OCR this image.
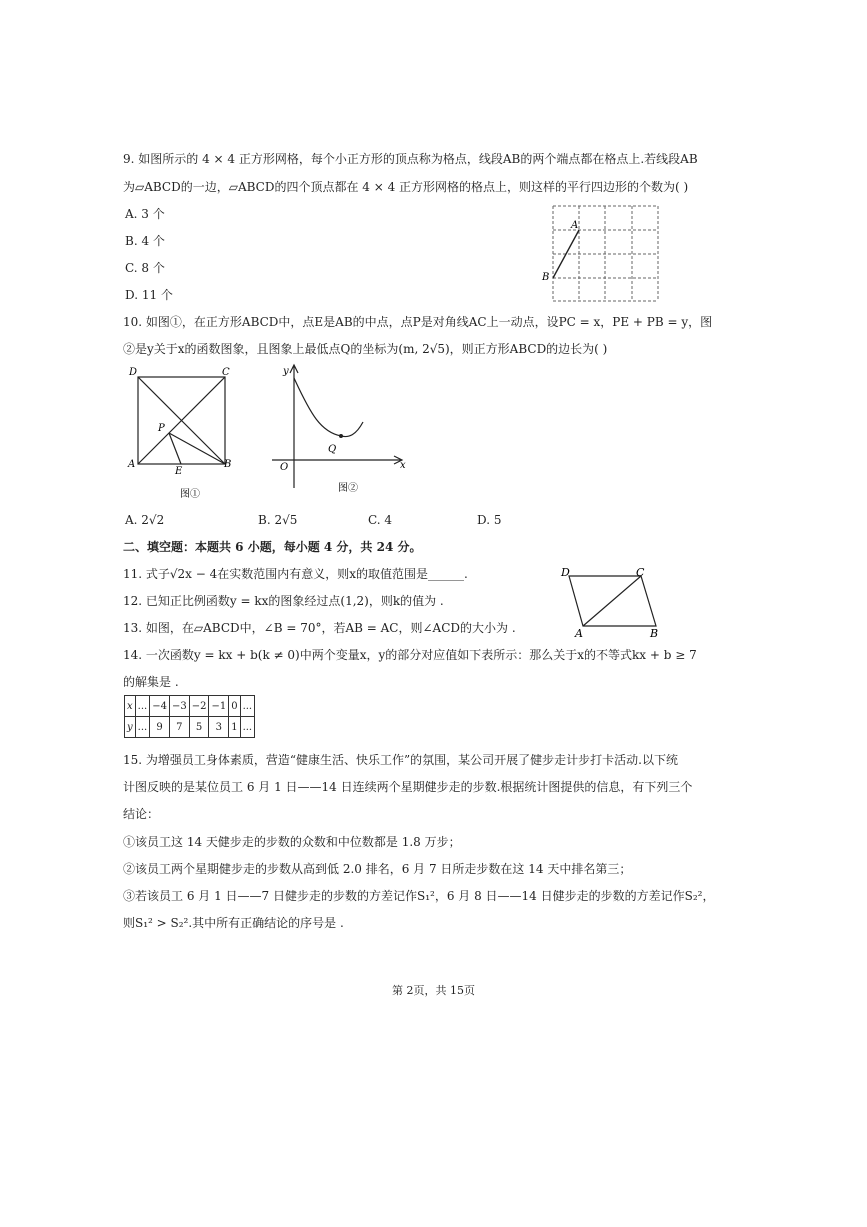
9. 如图所示的 4 × 4 正方形网格，每个小正方形的顶点称为格点，线段AB的两个端点都在格点上.若线段AB
为▱ABCD的一边，▱ABCD的四个顶点都在 4 × 4 正方形网格的格点上，则这样的平行四边形的个数为( )
A. 3 个
B. 4 个
C. 8 个
D. 11 个
A
B
10. 如图①，在正方形ABCD中，点E是AB的中点，点P是对角线AC上一动点，设PC = x，PE + PB = y，图
②是y关于x的函数图象，且图象上最低点Q的坐标为(m, 2√5)，则正方形ABCD的边长为( )
D	C
A	B
P
E
图①
y
x
O
Q
图②
A. 2√2	B. 2√5	C. 4	D. 5
二、填空题：本题共 6 小题，每小题 4 分，共 24 分。
11. 式子√2x − 4在实数范围内有意义，则x的取值范围是______.
12. 已知正比例函数y = kx的图象经过点(1,2)，则k的值为 .
13. 如图，在▱ABCD中，∠B = 70°，若AB = AC，则∠ACD的大小为 .
D	C
A	B
14. 一次函数y = kx + b(k ≠ 0)中两个变量x，y的部分对应值如下表所示：那么关于x的不等式kx + b ≥ 7
的解集是 .
x	...	−4	−3	−2	−1	0	...
y	...	9	7	5	3	1	...
15. 为增强员工身体素质，营造“健康生活、快乐工作”的氛围，某公司开展了健步走计步打卡活动.以下统
计图反映的是某位员工 6 月 1 日——14 日连续两个星期健步走的步数.根据统计图提供的信息，有下列三个
结论：
①该员工这 14 天健步走的步数的众数和中位数都是 1.8 万步；
②该员工两个星期健步走的步数从高到低 2.0 排名，6 月 7 日所走步数在这 14 天中排名第三；
③若该员工 6 月 1 日——7 日健步走的步数的方差记作S₁²，6 月 8 日——14 日健步走的步数的方差记作S₂²，
则S₁² > S₂².其中所有正确结论的序号是 .
第 2页，共 15页
